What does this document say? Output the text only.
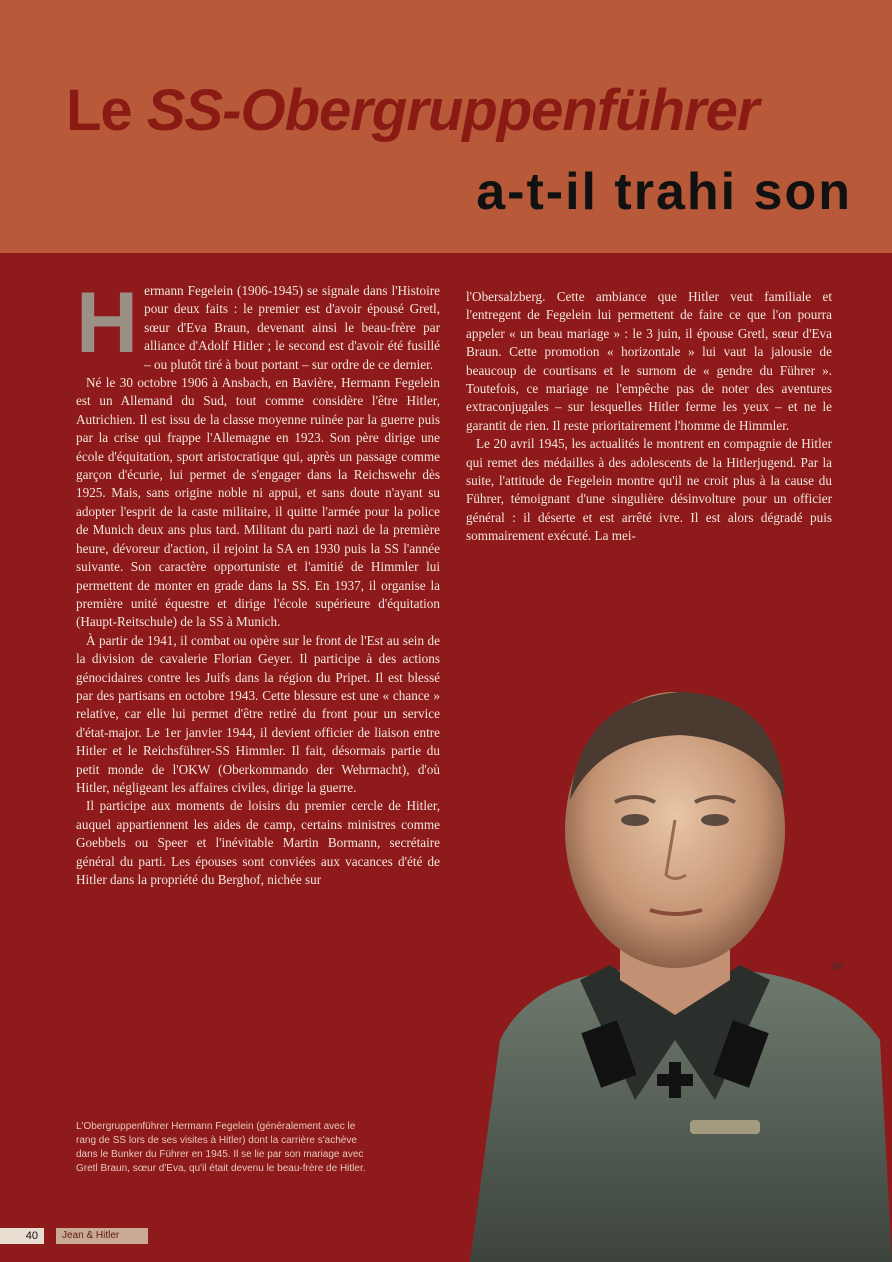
Le SS-Obergruppenführer
a-t-il trahi son

Hermann Fegelein (1906-1945) se signale dans l'Histoire pour deux faits : le premier est d'avoir épousé Gretl, sœur d'Eva Braun, devenant ainsi le beau-frère par alliance d'Adolf Hitler ; le second est d'avoir été fusillé – ou plutôt tiré à bout portant – sur ordre de ce dernier.

Né le 30 octobre 1906 à Ansbach, en Bavière, Hermann Fegelein est un Allemand du Sud, tout comme considère l'être Hitler, Autrichien. Il est issu de la classe moyenne ruinée par la guerre puis par la crise qui frappe l'Allemagne en 1923. Son père dirige une école d'équitation, sport aristocratique qui, après un passage comme garçon d'écurie, lui permet de s'engager dans la Reichswehr dès 1925. Mais, sans origine noble ni appui, et sans doute n'ayant su adopter l'esprit de la caste militaire, il quitte l'armée pour la police de Munich deux ans plus tard. Militant du parti nazi de la première heure, dévoreur d'action, il rejoint la SA en 1930 puis la SS l'année suivante. Son caractère opportuniste et l'amitié de Himmler lui permettent de monter en grade dans la SS. En 1937, il organise la première unité équestre et dirige l'école supérieure d'équitation (Haupt-Reitschule) de la SS à Munich.

À partir de 1941, il combat ou opère sur le front de l'Est au sein de la division de cavalerie Florian Geyer. Il participe à des actions génocidaires contre les Juifs dans la région du Pripet. Il est blessé par des partisans en octobre 1943. Cette blessure est une « chance » relative, car elle lui permet d'être retiré du front pour un service d'état-major. Le 1er janvier 1944, il devient officier de liaison entre Hitler et le Reichsführer-SS Himmler. Il fait, désormais partie du petit monde de l'OKW (Oberkommando der Wehrmacht), d'où Hitler, négligeant les affaires civiles, dirige la guerre.

Il participe aux moments de loisirs du premier cercle de Hitler, auquel appartiennent les aides de camp, certains ministres comme Goebbels ou Speer et l'inévitable Martin Bormann, secrétaire général du parti. Les épouses sont conviées aux vacances d'été de Hitler dans la propriété du Berghof, nichée sur

l'Obersalzberg. Cette ambiance que Hitler veut familiale et l'entregent de Fegelein lui permettent de faire ce que l'on pourra appeler « un beau mariage » : le 3 juin, il épouse Gretl, sœur d'Eva Braun. Cette promotion « horizontale » lui vaut la jalousie de beaucoup de courtisans et le surnom de « gendre du Führer ». Toutefois, ce mariage ne l'empêche pas de noter des aventures extraconjugales – sur lesquelles Hitler ferme les yeux – et ne le garantit de rien. Il reste prioritairement l'homme de Himmler.

Le 20 avril 1945, les actualités le montrent en compagnie de Hitler qui remet des médailles à des adolescents de la Hitlerjugend. Par la suite, l'attitude de Fegelein montre qu'il ne croit plus à la cause du Führer, témoignant d'une singulière désinvolture pour un officier général : il déserte et est arrêté ivre. Il est alors dégradé puis sommairement exécuté. La mei-

DR
L'Obergruppenführer Hermann Fegelein (généralement avec le rang de SS lors de ses visites à Hitler) dont la carrière s'achève dans le Bunker du Führer en 1945. Il se lie par son mariage avec Gretl Braun, sœur d'Eva, qu'il était devenu le beau-frère de Hitler.
40	Jean & Hitler
